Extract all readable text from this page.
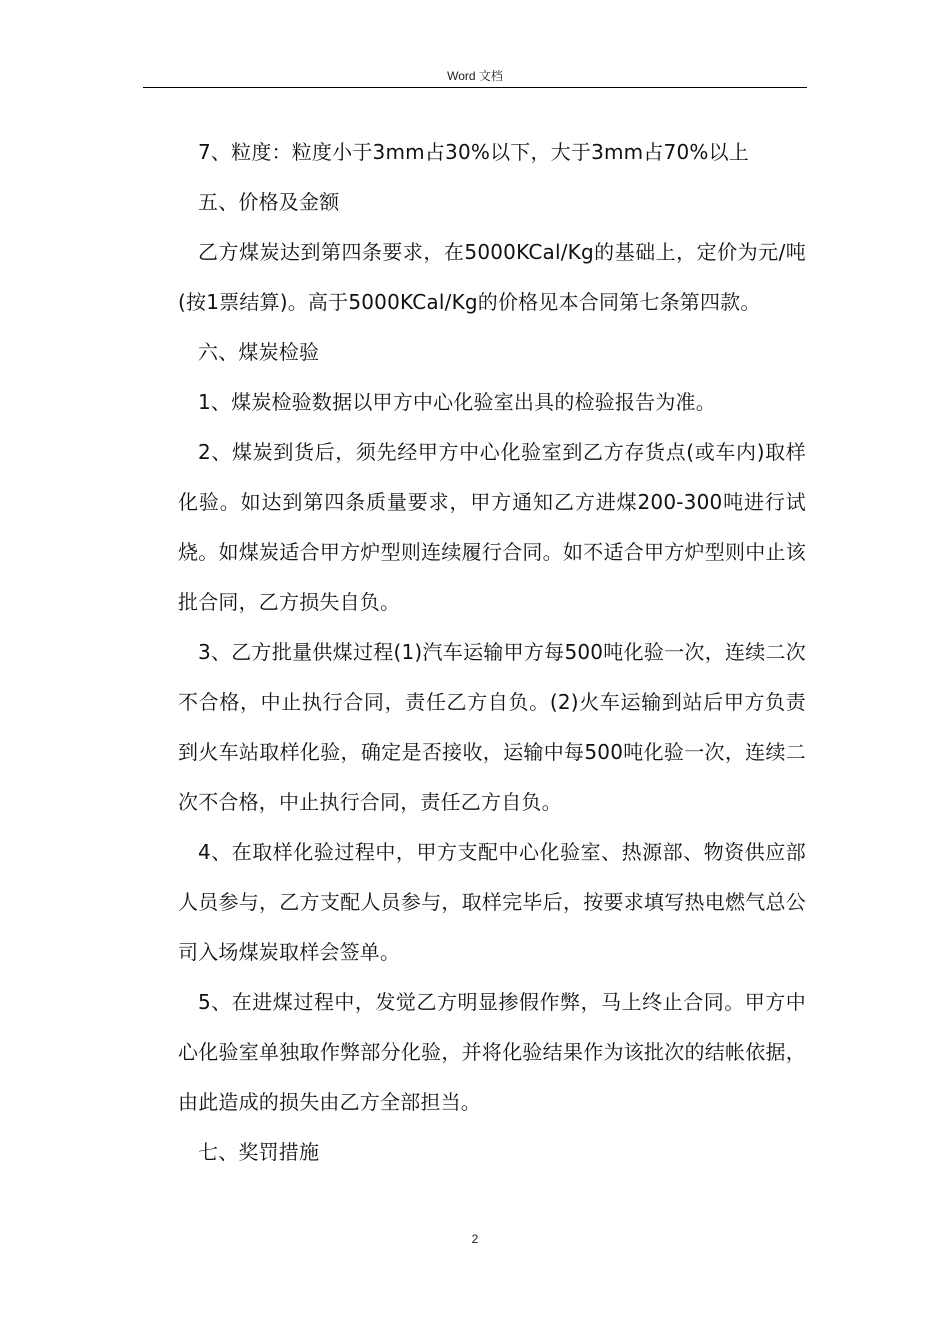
Word 文档

7、粒度：粒度小于3mm占30%以下，大于3mm占70%以上

五、价格及金额

乙方煤炭达到第四条要求，在5000KCal/Kg的基础上，定价为元/吨(按1票结算)。高于5000KCal/Kg的价格见本合同第七条第四款。

六、煤炭检验

1、煤炭检验数据以甲方中心化验室出具的检验报告为准。

2、煤炭到货后，须先经甲方中心化验室到乙方存货点(或车内)取样化验。如达到第四条质量要求，甲方通知乙方进煤200-300吨进行试烧。如煤炭适合甲方炉型则连续履行合同。如不适合甲方炉型则中止该批合同，乙方损失自负。

3、乙方批量供煤过程(1)汽车运输甲方每500吨化验一次，连续二次不合格，中止执行合同，责任乙方自负。(2)火车运输到站后甲方负责到火车站取样化验，确定是否接收，运输中每500吨化验一次，连续二次不合格，中止执行合同，责任乙方自负。

4、在取样化验过程中，甲方支配中心化验室、热源部、物资供应部人员参与，乙方支配人员参与，取样完毕后，按要求填写热电燃气总公司入场煤炭取样会签单。

5、在进煤过程中，发觉乙方明显掺假作弊，马上终止合同。甲方中心化验室单独取作弊部分化验，并将化验结果作为该批次的结帐依据，由此造成的损失由乙方全部担当。

七、奖罚措施

2
